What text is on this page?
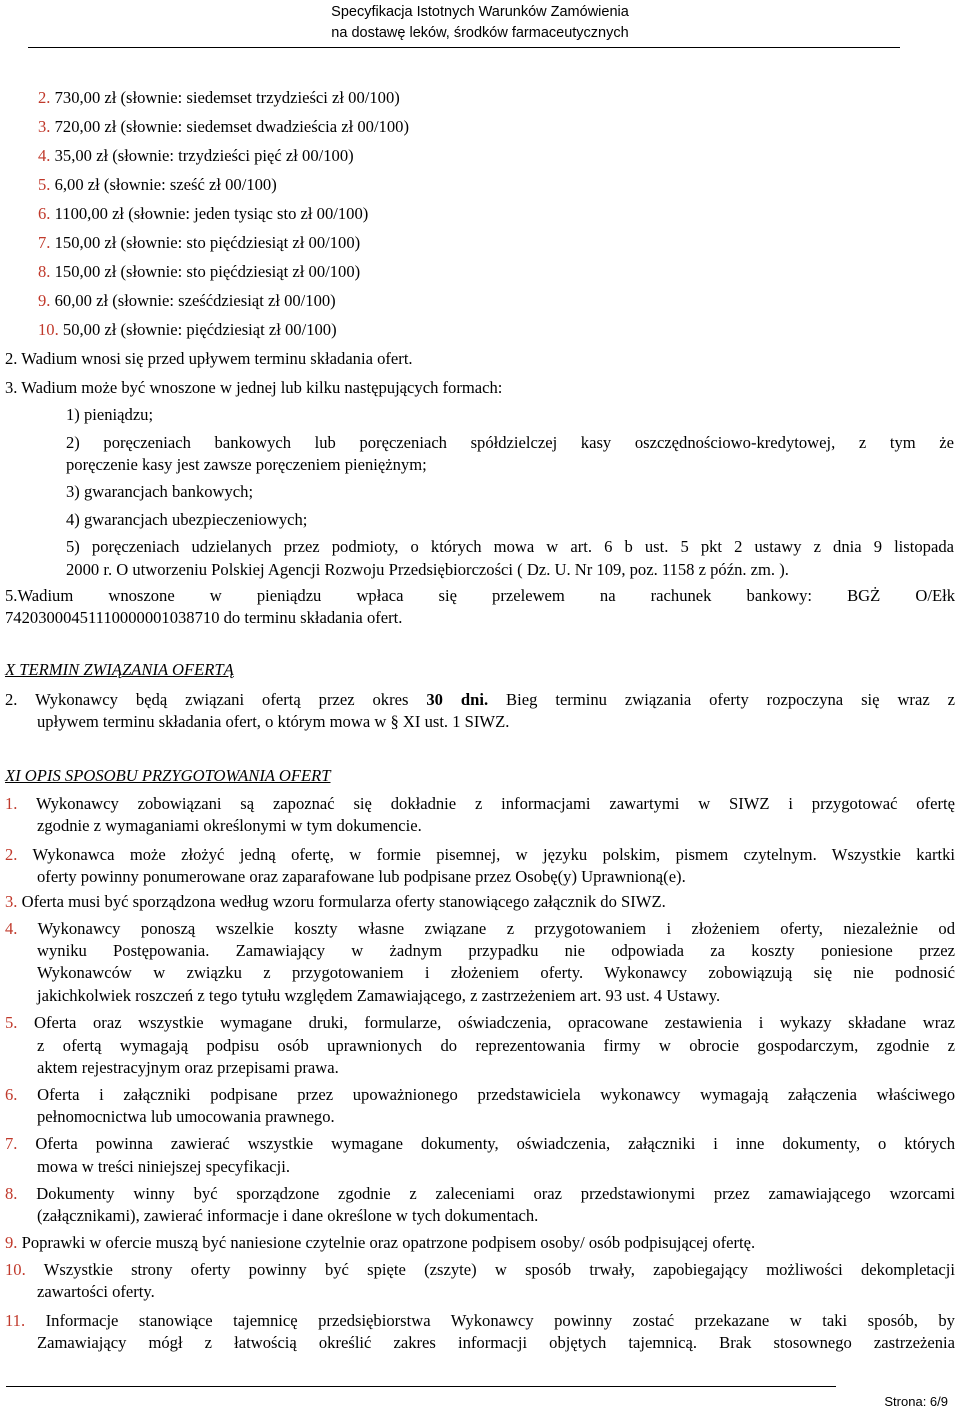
Specyfikacja Istotnych Warunków Zamówienia
na dostawę leków, środków farmaceutycznych
2. 730,00 zł (słownie: siedemset trzydzieści zł 00/100)
3. 720,00 zł (słownie: siedemset dwadzieścia zł 00/100)
4. 35,00 zł (słownie: trzydzieści pięć zł 00/100)
5. 6,00 zł (słownie: sześć zł 00/100)
6. 1100,00 zł (słownie: jeden tysiąc sto zł 00/100)
7. 150,00 zł (słownie: sto pięćdziesiąt zł 00/100)
8. 150,00 zł (słownie: sto pięćdziesiąt zł 00/100)
9. 60,00 zł (słownie: sześćdziesiąt zł 00/100)
10. 50,00 zł (słownie: pięćdziesiąt zł 00/100)
2. Wadium wnosi się przed upływem terminu składania ofert.
3. Wadium może być wnoszone w jednej lub kilku następujących formach:
1) pieniądzu;
2) poręczeniach bankowych lub poręczeniach spółdzielczej kasy oszczędnościowo-kredytowej, z tym że
poręczenie kasy jest zawsze poręczeniem pieniężnym;
3) gwarancjach bankowych;
4) gwarancjach ubezpieczeniowych;
5) poręczeniach udzielanych przez podmioty, o których mowa w art. 6 b ust. 5 pkt 2 ustawy z dnia 9 listopada
2000 r. O utworzeniu Polskiej Agencji Rozwoju Przedsiębiorczości ( Dz. U. Nr 109, poz. 1158 z późn. zm. ).
5.Wadium wnoszone w pieniądzu wpłaca się przelewem na rachunek bankowy: BGŻ O/Ełk
74203000451110000001038710 do terminu składania ofert.
X TERMIN ZWIĄZANIA OFERTĄ
2. Wykonawcy będą związani ofertą przez okres 30 dni. Bieg terminu związania oferty rozpoczyna się wraz z
upływem terminu składania ofert, o którym mowa w § XI ust. 1 SIWZ.
XI OPIS SPOSOBU PRZYGOTOWANIA OFERT
1. Wykonawcy zobowiązani są zapoznać się dokładnie z informacjami zawartymi w SIWZ i przygotować ofertę
zgodnie z wymaganiami określonymi w tym dokumencie.
2. Wykonawca może złożyć jedną ofertę, w formie pisemnej, w języku polskim, pismem czytelnym. Wszystkie kartki
oferty powinny ponumerowane oraz zaparafowane lub podpisane przez Osobę(y) Uprawnioną(e).
3. Oferta musi być sporządzona według wzoru formularza oferty stanowiącego załącznik do SIWZ.
4. Wykonawcy ponoszą wszelkie koszty własne związane z przygotowaniem i złożeniem oferty, niezależnie od
wyniku Postępowania. Zamawiający w żadnym przypadku nie odpowiada za koszty poniesione przez
Wykonawców w związku z przygotowaniem i złożeniem oferty. Wykonawcy zobowiązują się nie podnosić
jakichkolwiek roszczeń z tego tytułu względem Zamawiającego, z zastrzeżeniem art. 93 ust. 4 Ustawy.
5. Oferta oraz wszystkie wymagane druki, formularze, oświadczenia, opracowane zestawienia i wykazy składane wraz
z ofertą wymagają podpisu osób uprawnionych do reprezentowania firmy w obrocie gospodarczym, zgodnie z
aktem rejestracyjnym oraz przepisami prawa.
6. Oferta i załączniki podpisane przez upoważnionego przedstawiciela wykonawcy wymagają załączenia właściwego
pełnomocnictwa lub umocowania prawnego.
7. Oferta powinna zawierać wszystkie wymagane dokumenty, oświadczenia, załączniki i inne dokumenty, o których
mowa w treści niniejszej specyfikacji.
8. Dokumenty winny być sporządzone zgodnie z zaleceniami oraz przedstawionymi przez zamawiającego wzorcami
(załącznikami), zawierać informacje i dane określone w tych dokumentach.
9. Poprawki w ofercie muszą być naniesione czytelnie oraz opatrzone podpisem osoby/ osób podpisującej ofertę.
10. Wszystkie strony oferty powinny być spięte (zszyte) w sposób trwały, zapobiegający możliwości dekompletacji
zawartości oferty.
11. Informacje stanowiące tajemnicę przedsiębiorstwa Wykonawcy powinny zostać przekazane w taki sposób, by
Zamawiający mógł z łatwością określić zakres informacji objętych tajemnicą. Brak stosownego zastrzeżenia
Strona: 6/9
